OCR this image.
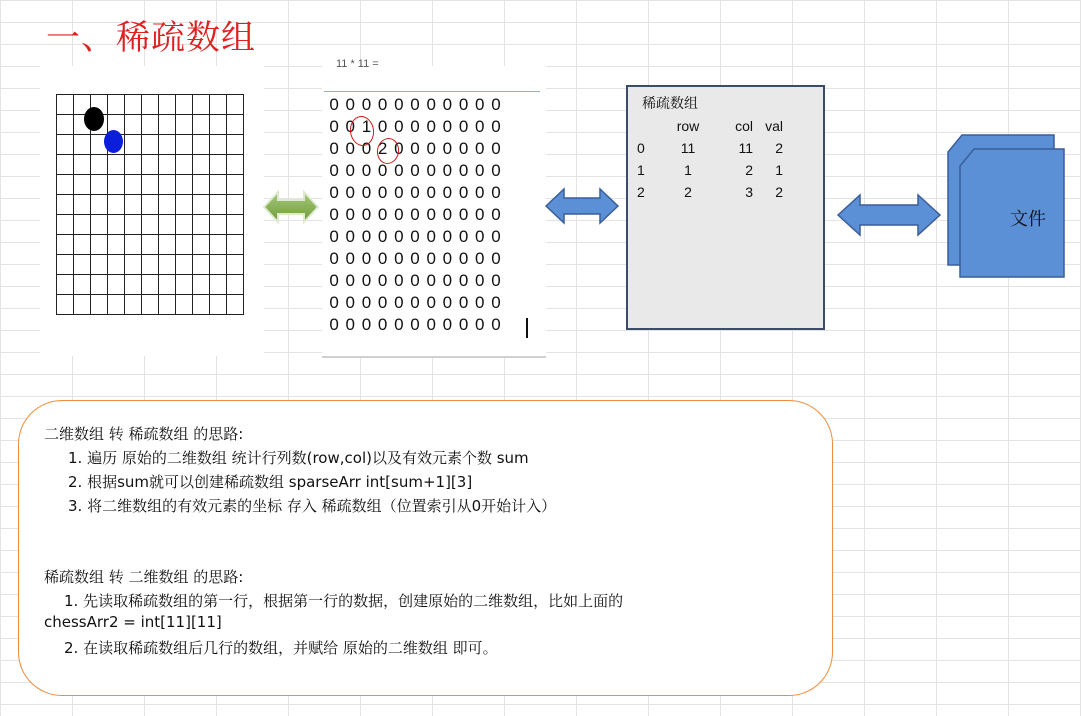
一、稀疏数组

11 * 11 =
0	0	0	0	0	0	0	0	0	0	0
0	0	1	0	0	0	0	0	0	0	0
0	0	0	2	0	0	0	0	0	0	0
0	0	0	0	0	0	0	0	0	0	0
0	0	0	0	0	0	0	0	0	0	0
0	0	0	0	0	0	0	0	0	0	0
0	0	0	0	0	0	0	0	0	0	0
0	0	0	0	0	0	0	0	0	0	0
0	0	0	0	0	0	0	0	0	0	0
0	0	0	0	0	0	0	0	0	0	0
0	0	0	0	0	0	0	0	0	0	0
稀疏数组
	row	col	val
0	11	11	2
1	1	2	1
2	2	3	2
文件
二维数组 转 稀疏数组 的思路:
1. 遍历 原始的二维数组 统计行列数(row,col)以及有效元素个数 sum
2. 根据sum就可以创建稀疏数组 sparseArr int[sum+1][3]
3. 将二维数组的有效元素的坐标 存入 稀疏数组（位置索引从0开始计入）
稀疏数组 转 二维数组 的思路:
1. 先读取稀疏数组的第一行，根据第一行的数据，创建原始的二维数组，比如上面的
chessArr2 = int[11][11]
2. 在读取稀疏数组后几行的数组，并赋给 原始的二维数组 即可。
